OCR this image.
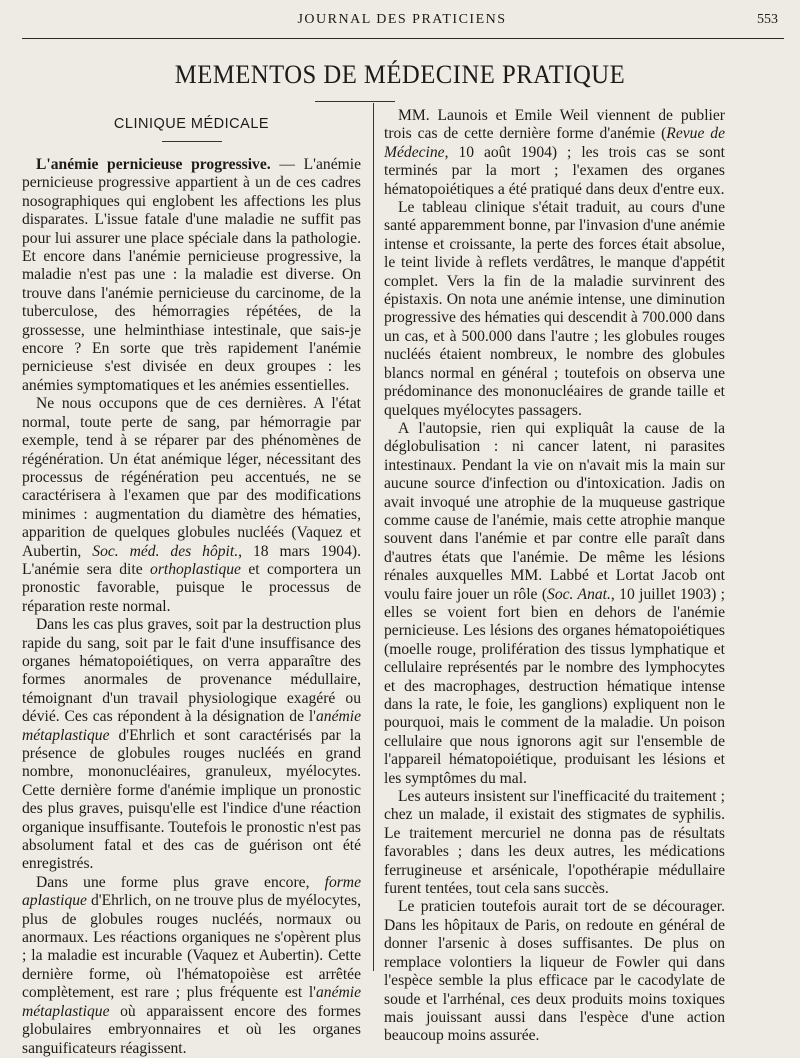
JOURNAL DES PRATICIENS	553
MEMENTOS DE MÉDECINE PRATIQUE
CLINIQUE MÉDICALE

L'anémie pernicieuse progressive. — L'anémie pernicieuse progressive appartient à un de ces cadres nosographiques qui englobent les affections les plus disparates. L'issue fatale d'une maladie ne suffit pas pour lui assurer une place spéciale dans la pathologie. Et encore dans l'anémie pernicieuse progressive, la maladie n'est pas une : la maladie est diverse. On trouve dans l'anémie pernicieuse du carcinome, de la tuberculose, des hémorragies répétées, de la grossesse, une helminthiase intestinale, que sais-je encore ? En sorte que très rapidement l'anémie pernicieuse s'est divisée en deux groupes : les anémies symptomatiques et les anémies essentielles.

Ne nous occupons que de ces dernières. A l'état normal, toute perte de sang, par hémorragie par exemple, tend à se réparer par des phénomènes de régénération. Un état anémique léger, nécessitant des processus de régénération peu accentués, ne se caractérisera à l'examen que par des modifications minimes : augmentation du diamètre des hématies, apparition de quelques globules nucléés (Vaquez et Aubertin, Soc. méd. des hôpit., 18 mars 1904). L'anémie sera dite orthoplastique et comportera un pronostic favorable, puisque le processus de réparation reste normal.

Dans les cas plus graves, soit par la destruction plus rapide du sang, soit par le fait d'une insuffisance des organes hématopoiétiques, on verra apparaître des formes anormales de provenance médullaire, témoignant d'un travail physiologique exagéré ou dévié. Ces cas répondent à la désignation de l'anémie métaplastique d'Ehrlich et sont caractérisés par la présence de globules rouges nucléés en grand nombre, mononucléaires, granuleux, myélocytes. Cette dernière forme d'anémie implique un pronostic des plus graves, puisqu'elle est l'indice d'une réaction organique insuffisante. Toutefois le pronostic n'est pas absolument fatal et des cas de guérison ont été enregistrés.

Dans une forme plus grave encore, forme aplastique d'Ehrlich, on ne trouve plus de myélocytes, plus de globules rouges nucléés, normaux ou anormaux. Les réactions organiques ne s'opèrent plus ; la maladie est incurable (Vaquez et Aubertin). Cette dernière forme, où l'hématopoièse est arrêtée complètement, est rare ; plus fréquente est l'anémie métaplastique où apparaissent encore des formes globulaires embryonnaires et où les organes sanguificateurs réagissent.

MM. Launois et Emile Weil viennent de publier trois cas de cette dernière forme d'anémie (Revue de Médecine, 10 août 1904) ; les trois cas se sont terminés par la mort ; l'examen des organes hématopoiétiques a été pratiqué dans deux d'entre eux.

Le tableau clinique s'était traduit, au cours d'une santé apparemment bonne, par l'invasion d'une anémie intense et croissante, la perte des forces était absolue, le teint livide à reflets verdâtres, le manque d'appétit complet. Vers la fin de la maladie survinrent des épistaxis. On nota une anémie intense, une diminution progressive des hématies qui descendit à 700.000 dans un cas, et à 500.000 dans l'autre ; les globules rouges nucléés étaient nombreux, le nombre des globules blancs normal en général ; toutefois on observa une prédominance des mononucléaires de grande taille et quelques myélocytes passagers.

A l'autopsie, rien qui expliquât la cause de la déglobulisation : ni cancer latent, ni parasites intestinaux. Pendant la vie on n'avait mis la main sur aucune source d'infection ou d'intoxication. Jadis on avait invoqué une atrophie de la muqueuse gastrique comme cause de l'anémie, mais cette atrophie manque souvent dans l'anémie et par contre elle paraît dans d'autres états que l'anémie. De même les lésions rénales auxquelles MM. Labbé et Lortat Jacob ont voulu faire jouer un rôle (Soc. Anat., 10 juillet 1903) ; elles se voient fort bien en dehors de l'anémie pernicieuse. Les lésions des organes hématopoiétiques (moelle rouge, prolifération des tissus lymphatique et cellulaire représentés par le nombre des lymphocytes et des macrophages, destruction hématique intense dans la rate, le foie, les ganglions) expliquent non le pourquoi, mais le comment de la maladie. Un poison cellulaire que nous ignorons agit sur l'ensemble de l'appareil hématopoiétique, produisant les lésions et les symptômes du mal.

Les auteurs insistent sur l'inefficacité du traitement ; chez un malade, il existait des stigmates de syphilis. Le traitement mercuriel ne donna pas de résultats favorables ; dans les deux autres, les médications ferrugineuse et arsénicale, l'opothérapie médullaire furent tentées, tout cela sans succès.

Le praticien toutefois aurait tort de se décourager. Dans les hôpitaux de Paris, on redoute en général de donner l'arsenic à doses suffisantes. De plus on remplace volontiers la liqueur de Fowler qui dans l'espèce semble la plus efficace par le cacodylate de soude et l'arrhénal, ces deux produits moins toxiques mais jouissant aussi dans l'espèce d'une action beaucoup moins assurée.
